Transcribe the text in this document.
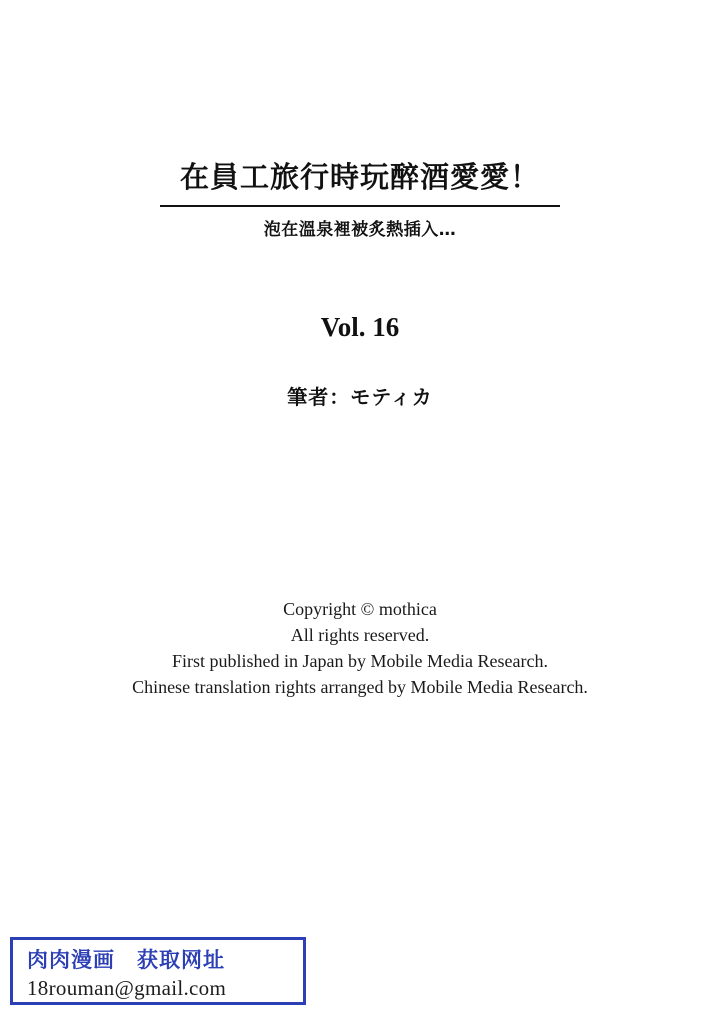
在員工旅行時玩醉酒愛愛！
泡在溫泉裡被炙熱插入…
Vol. 16
筆者：モティカ
Copyright © mothica
All rights reserved.
First published in Japan by Mobile Media Research.
Chinese translation rights arranged by Mobile Media Research.
肉肉漫画 获取网址
18rouman@gmail.com
